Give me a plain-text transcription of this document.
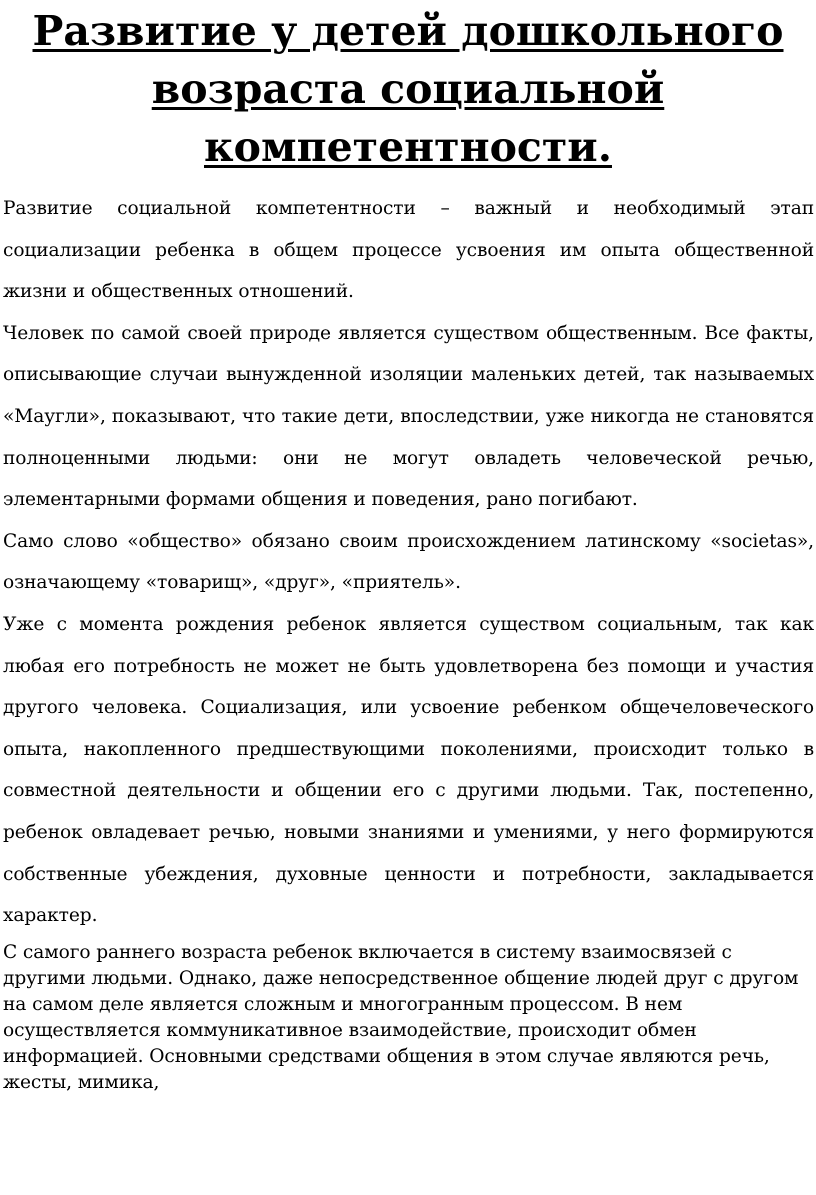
Развитие у детей дошкольного возраста социальной компетентности.

Развитие социальной компетентности – важный и необходимый этап социализации ребенка в общем процессе усвоения им опыта общественной жизни и общественных отношений.

Человек по самой своей природе является существом общественным. Все факты, описывающие случаи вынужденной изоляции маленьких детей, так называемых «Маугли», показывают, что такие дети, впоследствии, уже никогда не становятся полноценными людьми: они не могут овладеть человеческой речью, элементарными формами общения и поведения, рано погибают.

Само слово «общество» обязано своим происхождением латинскому «societas», означающему «товарищ», «друг», «приятель».

Уже с момента рождения ребенок является существом социальным, так как любая его потребность не может не быть удовлетворена без помощи и участия другого человека. Социализация, или усвоение ребенком общечеловеческого опыта, накопленного предшествующими поколениями, происходит только в совместной деятельности и общении его с другими людьми. Так, постепенно, ребенок овладевает речью, новыми знаниями и умениями, у него формируются собственные убеждения, духовные ценности и потребности, закладывается характер.

С самого раннего возраста ребенок включается в систему взаимосвязей с другими людьми. Однако, даже непосредственное общение людей друг с другом на самом деле является сложным и многогранным процессом. В нем осуществляется коммуникативное взаимодействие, происходит обмен информацией. Основными средствами общения в этом случае являются речь, жесты, мимика,
